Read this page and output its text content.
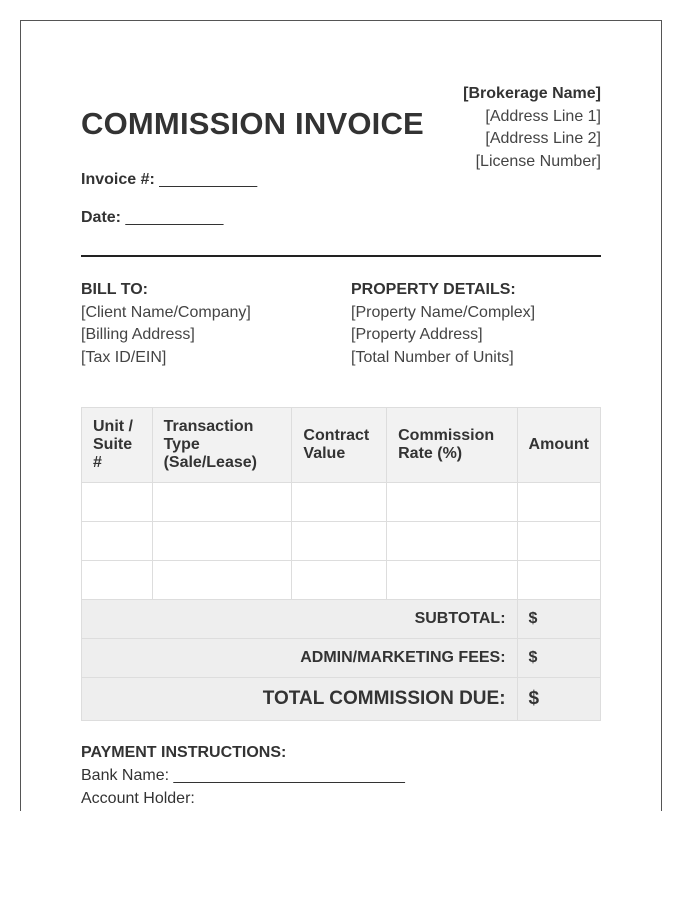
COMMISSION INVOICE
[Brokerage Name]
[Address Line 1]
[Address Line 2]
[License Number]
Invoice #: ___________
Date: ___________
BILL TO:
[Client Name/Company]
[Billing Address]
[Tax ID/EIN]
PROPERTY DETAILS:
[Property Name/Complex]
[Property Address]
[Total Number of Units]
Unit / Suite #	Transaction Type (Sale/Lease)	Contract Value	Commission Rate (%)	Amount

SUBTOTAL:				$
ADMIN/MARKETING FEES:				$
TOTAL COMMISSION DUE:				$
PAYMENT INSTRUCTIONS:
Bank Name: __________________________
Account Holder:
